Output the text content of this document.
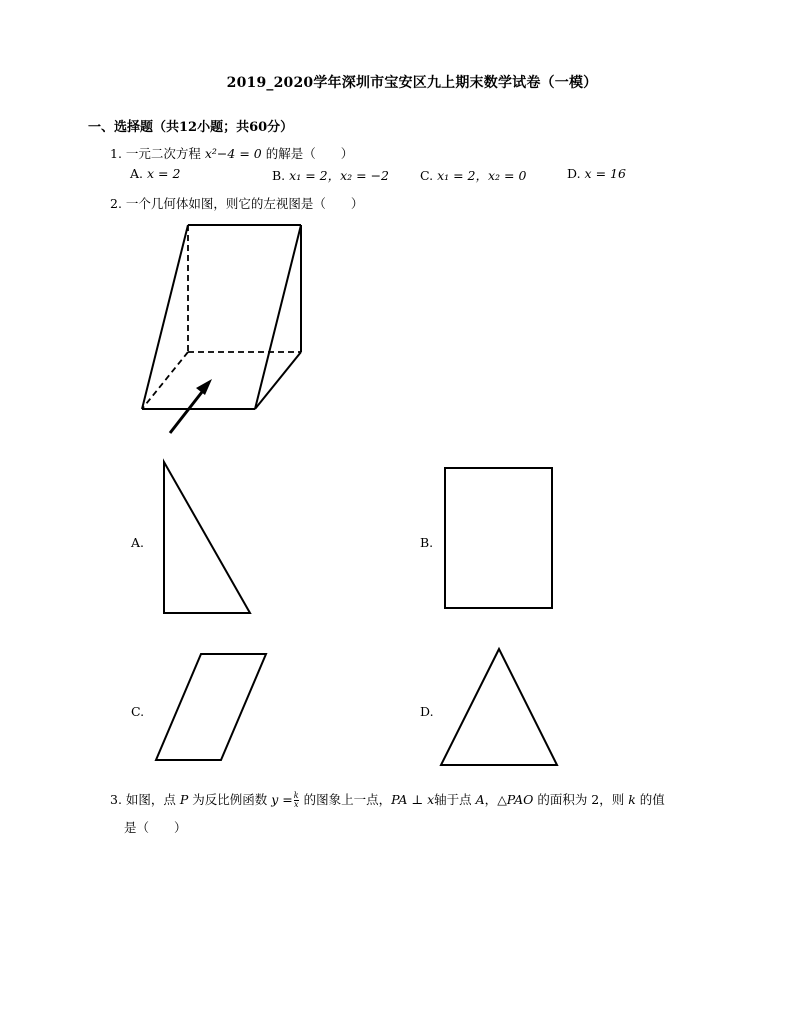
2019_2020学年深圳市宝安区九上期末数学试卷（一模）
一、选择题（共12小题；共60分）
1. 一元二次方程 x²−4 = 0 的解是（　　）
A. x = 2	B. x₁ = 2，x₂ = −2 C. x₁ = 2，x₂ = 0	D. x = 16
2. 一个几何体如图，则它的左视图是（　　）
A.	B.
C.	D.
3. 如图，点 P 为反比例函数 $y = \frac{k}{x}$ 的图象上一点，PA ⊥ x轴于点 A，△PAO 的面积为 2，则 k 的值
是（　　）
